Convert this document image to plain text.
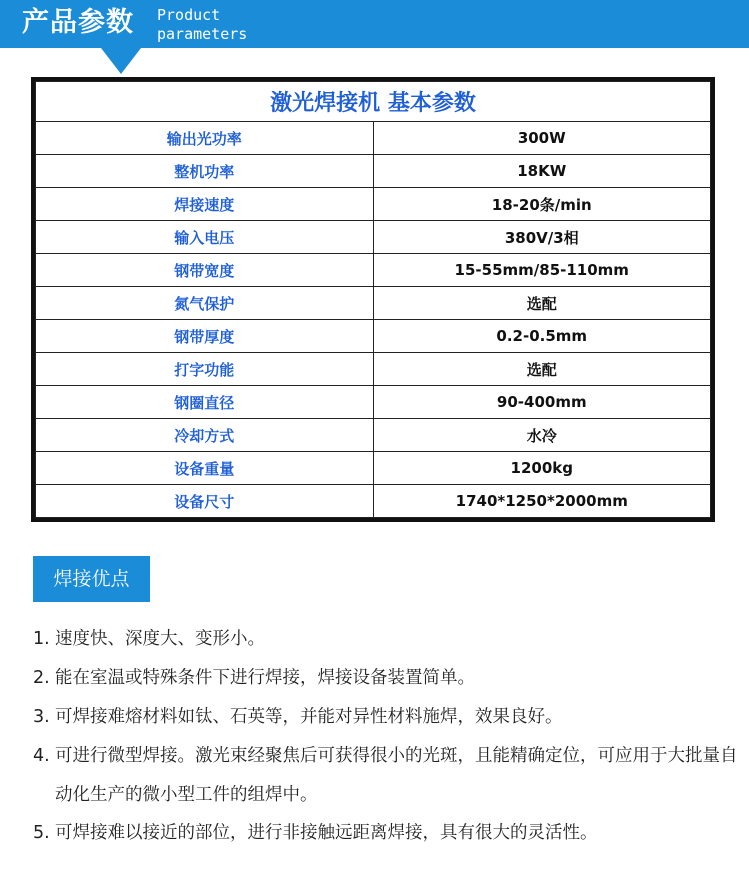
产品参数 Product
parameters
激光焊接机 基本参数	
输出光功率	300W
整机功率	18KW
焊接速度	18-20条/min
输入电压	380V/3相
钢带宽度	15-55mm/85-110mm
氮气保护	选配
钢带厚度	0.2-0.5mm
打字功能	选配
钢圈直径	90-400mm
冷却方式	水冷
设备重量	1200kg
设备尺寸	1740*1250*2000mm
焊接优点
1. 速度快、深度大、变形小。
2. 能在室温或特殊条件下进行焊接，焊接设备装置简单。
3. 可焊接难熔材料如钛、石英等，并能对异性材料施焊，效果良好。
4. 可进行微型焊接。激光束经聚焦后可获得很小的光斑，且能精确定位，可应用于大批量自动化生产的微小型工件的组焊中。
5. 可焊接难以接近的部位，进行非接触远距离焊接，具有很大的灵活性。
